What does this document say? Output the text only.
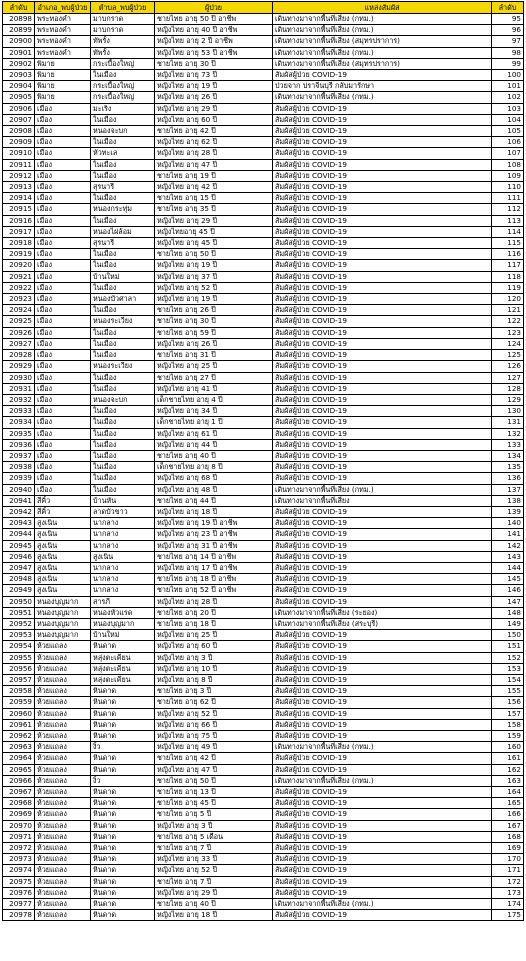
ลำดับ	อำเภอ_พบผู้ป่วย	ตำบล_พบผู้ป่วย	ผู้ป่วย	แหล่งสัมผัส	ลำดับ
20898	พระทองคำ	มาบกราด	ชายไทย อายุ 50 ปี อาชีพ	เดินทางมาจากพื้นที่เสี่ยง (กทม.)	95
20899	พระทองคำ	มาบกราด	หญิงไทย อายุ 40 ปี อาชีพ	เดินทางมาจากพื้นที่เสี่ยง (กทม.)	96
20900	พระทองคำ	ทัพรั้ง	หญิงไทย อายุ 2 ปี อาชีพ	เดินทางมาจากพื้นที่เสี่ยง (สมุทรปราการ)	97
20901	พระทองคำ	ทัพรั้ง	หญิงไทย อายุ 53 ปี อาชีพ	เดินทางมาจากพื้นที่เสี่ยง (กทม.)	98
20902	พิมาย	กระเบื้องใหญ่	ชายไทย อายุ 30 ปี	เดินทางมาจากพื้นที่เสี่ยง (สมุทรปราการ)	99
20903	พิมาย	ในเมือง	หญิงไทย อายุ 73 ปี	สัมผัสผู้ป่วย COVID-19	100
20904	พิมาย	กระเบื้องใหญ่	หญิงไทย อายุ 19 ปี	ป่วยจาก ปราจีนบุรี กลับมารักษา	101
20905	พิมาย	กระเบื้องใหญ่	หญิงไทย อายุ 26 ปี	เดินทางมาจากพื้นที่เสี่ยง (กทม.)	102
20906	เมือง	มะเริง	หญิงไทย อายุ 29 ปี	สัมผัสผู้ป่วย COVID-19	103
20907	เมือง	ในเมือง	หญิงไทย อายุ 60 ปี	สัมผัสผู้ป่วย COVID-19	104
20908	เมือง	หนองจะบก	ชายไทย อายุ 42 ปี	สัมผัสผู้ป่วย COVID-19	105
20909	เมือง	ในเมือง	หญิงไทย อายุ 62 ปี	สัมผัสผู้ป่วย COVID-19	106
20910	เมือง	หัวทะเล	หญิงไทย อายุ 28 ปี	สัมผัสผู้ป่วย COVID-19	107
20911	เมือง	ในเมือง	หญิงไทย อายุ 47 ปี	สัมผัสผู้ป่วย COVID-19	108
20912	เมือง	ในเมือง	ชายไทย อายุ 19 ปี	สัมผัสผู้ป่วย COVID-19	109
20913	เมือง	สุรนารี	หญิงไทย อายุ 42 ปี	สัมผัสผู้ป่วย COVID-19	110
20914	เมือง	ในเมือง	ชายไทย อายุ 15 ปี	สัมผัสผู้ป่วย COVID-19	111
20915	เมือง	หนองกระทุ่ม	ชายไทย อายุ 35 ปี	สัมผัสผู้ป่วย COVID-19	112
20916	เมือง	ในเมือง	หญิงไทย อายุ 29 ปี	สัมผัสผู้ป่วย COVID-19	113
20917	เมือง	หนองไผ่ล้อม	หญิงไทยอายุ 45 ปี	สัมผัสผู้ป่วย COVID-19	114
20918	เมือง	สุรนารี	หญิงไทย อายุ 45 ปี	สัมผัสผู้ป่วย COVID-19	115
20919	เมือง	ในเมือง	ชายไทย อายุ 50 ปี	สัมผัสผู้ป่วย COVID-19	116
20920	เมือง	ในเมือง	หญิงไทย อายุ 19 ปี	สัมผัสผู้ป่วย COVID-19	117
20921	เมือง	บ้านใหม่	หญิงไทย อายุ 37 ปี	สัมผัสผู้ป่วย COVID-19	118
20922	เมือง	ในเมือง	หญิงไทย อายุ 52 ปี	สัมผัสผู้ป่วย COVID-19	119
20923	เมือง	หนองบัวศาลา	หญิงไทย อายุ 19 ปี	สัมผัสผู้ป่วย COVID-19	120
20924	เมือง	ในเมือง	ชายไทย อายุ 26 ปี	สัมผัสผู้ป่วย COVID-19	121
20925	เมือง	หนองระเวียง	ชายไทย อายุ 30 ปี	สัมผัสผู้ป่วย COVID-19	122
20926	เมือง	ในเมือง	ชายไทย อายุ 59 ปี	สัมผัสผู้ป่วย COVID-19	123
20927	เมือง	ในเมือง	หญิงไทย อายุ 26 ปี	สัมผัสผู้ป่วย COVID-19	124
20928	เมือง	ในเมือง	ชายไทย อายุ 31 ปี	สัมผัสผู้ป่วย COVID-19	125
20929	เมือง	หนองระเวียง	หญิงไทย อายุ 25 ปี	สัมผัสผู้ป่วย COVID-19	126
20930	เมือง	ในเมือง	ชายไทย อายุ 27 ปี	สัมผัสผู้ป่วย COVID-19	127
20931	เมือง	ในเมือง	หญิงไทย อายุ 41 ปี	สัมผัสผู้ป่วย COVID-19	128
20932	เมือง	หนองจะบก	เด็กชายไทย อายุ 4 ปี	สัมผัสผู้ป่วย COVID-19	129
20933	เมือง	ในเมือง	หญิงไทย อายุ 34 ปี	สัมผัสผู้ป่วย COVID-19	130
20934	เมือง	ในเมือง	เด็กชายไทย อายุ 1 ปี	สัมผัสผู้ป่วย COVID-19	131
20935	เมือง	ในเมือง	หญิงไทย อายุ 61 ปี	สัมผัสผู้ป่วย COVID-19	132
20936	เมือง	ในเมือง	หญิงไทย อายุ 44 ปี	สัมผัสผู้ป่วย COVID-19	133
20937	เมือง	ในเมือง	ชายไทย อายุ 40 ปี	สัมผัสผู้ป่วย COVID-19	134
20938	เมือง	ในเมือง	เด็กชายไทย อายุ 8 ปี	สัมผัสผู้ป่วย COVID-19	135
20939	เมือง	ในเมือง	หญิงไทย อายุ 68 ปี	สัมผัสผู้ป่วย COVID-19	136
20940	เมือง	ในเมือง	หญิงไทย อายุ 48 ปี	เดินทางมาจากพื้นที่เสี่ยง (กทม.)	137
20941	สีคิ้ว	บ้านหัน	ชายไทย อายุ 44 ปี	เดินทางมาจากพื้นที่เสี่ยง	138
20942	สีคิ้ว	ลาดบัวขาว	หญิงไทย อายุ 18 ปี	สัมผัสผู้ป่วย COVID-19	139
20943	สูงเนิน	นากลาง	หญิงไทย อายุ 19 ปี อาชีพ	สัมผัสผู้ป่วย COVID-19	140
20944	สูงเนิน	นากลาง	หญิงไทย อายุ 23 ปี อาชีพ	สัมผัสผู้ป่วย COVID-19	141
20945	สูงเนิน	นากลาง	หญิงไทย อายุ 31 ปี อาชีพ	สัมผัสผู้ป่วย COVID-19	142
20946	สูงเนิน	สูงเนิน	ชายไทย อายุ 14 ปี อาชีพ	สัมผัสผู้ป่วย COVID-19	143
20947	สูงเนิน	นากลาง	หญิงไทย อายุ 17 ปี อาชีพ	สัมผัสผู้ป่วย COVID-19	144
20948	สูงเนิน	นากลาง	ชายไทย อายุ 18 ปี อาชีพ	สัมผัสผู้ป่วย COVID-19	145
20949	สูงเนิน	นากลาง	ชายไทย อายุ 52 ปี อาชีพ	สัมผัสผู้ป่วย COVID-19	146
20950	หนองบุญมาก	สารภี	หญิงไทย อายุ 28 ปี	สัมผัสผู้ป่วย COVID-19	147
20951	หนองบุญมาก	หนองหัวแรด	ชายไทย อายุ 20 ปี	เดินทางมาจากพื้นที่เสี่ยง (ระยอง)	148
20952	หนองบุญมาก	หนองบุญมาก	ชายไทย อายุ 18 ปี	เดินทางมาจากพื้นที่เสี่ยง (สระบุรี)	149
20953	หนองบุญมาก	บ้านใหม่	หญิงไทย อายุ 25 ปี	สัมผัสผู้ป่วย COVID-19	150
20954	ห้วยแถลง	หินดาด	หญิงไทย อายุ 60 ปี	สัมผัสผู้ป่วย COVID-19	151
20955	ห้วยแถลง	หลุ่งตะเคียน	หญิงไทย อายุ 3 ปี	สัมผัสผู้ป่วย COVID-19	152
20956	ห้วยแถลง	หลุ่งตะเคียน	หญิงไทย อายุ 10 ปี	สัมผัสผู้ป่วย COVID-19	153
20957	ห้วยแถลง	หลุ่งตะเคียน	หญิงไทย อายุ 8 ปี	สัมผัสผู้ป่วย COVID-19	154
20958	ห้วยแถลง	หินดาด	ชายไทย อายุ 3 ปี	สัมผัสผู้ป่วย COVID-19	155
20959	ห้วยแถลง	หินดาด	ชายไทย อายุ 62 ปี	สัมผัสผู้ป่วย COVID-19	156
20960	ห้วยแถลง	หินดาด	หญิงไทย อายุ 52 ปี	สัมผัสผู้ป่วย COVID-19	157
20961	ห้วยแถลง	หินดาด	หญิงไทย อายุ 66 ปี	สัมผัสผู้ป่วย COVID-19	158
20962	ห้วยแถลง	หินดาด	หญิงไทย อายุ 75 ปี	สัมผัสผู้ป่วย COVID-19	159
20963	ห้วยแถลง	งิ้ว	หญิงไทย อายุ 49 ปี	เดินทางมาจากพื้นที่เสี่ยง (กทม.)	160
20964	ห้วยแถลง	หินดาด	ชายไทย อายุ 42 ปี	สัมผัสผู้ป่วย COVID-19	161
20965	ห้วยแถลง	หินดาด	หญิงไทย อายุ 47 ปี	สัมผัสผู้ป่วย COVID-19	162
20966	ห้วยแถลง	งิ้ว	ชายไทย อายุ 50 ปี	เดินทางมาจากพื้นที่เสี่ยง (กทม.)	163
20967	ห้วยแถลง	หินดาด	ชายไทย อายุ 13 ปี	สัมผัสผู้ป่วย COVID-19	164
20968	ห้วยแถลง	หินดาด	ชายไทย อายุ 45 ปี	สัมผัสผู้ป่วย COVID-19	165
20969	ห้วยแถลง	หินดาด	ชายไทย อายุ 5 ปี	สัมผัสผู้ป่วย COVID-19	166
20970	ห้วยแถลง	หินดาด	หญิงไทย อายุ 3 ปี	สัมผัสผู้ป่วย COVID-19	167
20971	ห้วยแถลง	หินดาด	ชายไทย อายุ 5 เดือน	สัมผัสผู้ป่วย COVID-19	168
20972	ห้วยแถลง	หินดาด	ชายไทย อายุ 7 ปี	สัมผัสผู้ป่วย COVID-19	169
20973	ห้วยแถลง	หินดาด	หญิงไทย อายุ 33 ปี	สัมผัสผู้ป่วย COVID-19	170
20974	ห้วยแถลง	หินดาด	หญิงไทย อายุ 52 ปี	สัมผัสผู้ป่วย COVID-19	171
20975	ห้วยแถลง	หินดาด	ชายไทย อายุ 7 ปี	สัมผัสผู้ป่วย COVID-19	172
20976	ห้วยแถลง	หินดาด	หญิงไทย อายุ 29 ปี	สัมผัสผู้ป่วย COVID-19	173
20977	ห้วยแถลง	หินดาด	ชายไทย อายุ 40 ปี	เดินทางมาจากพื้นที่เสี่ยง (กทม.)	174
20978	ห้วยแถลง	หินดาด	หญิงไทย อายุ 18 ปี	สัมผัสผู้ป่วย COVID-19	175
